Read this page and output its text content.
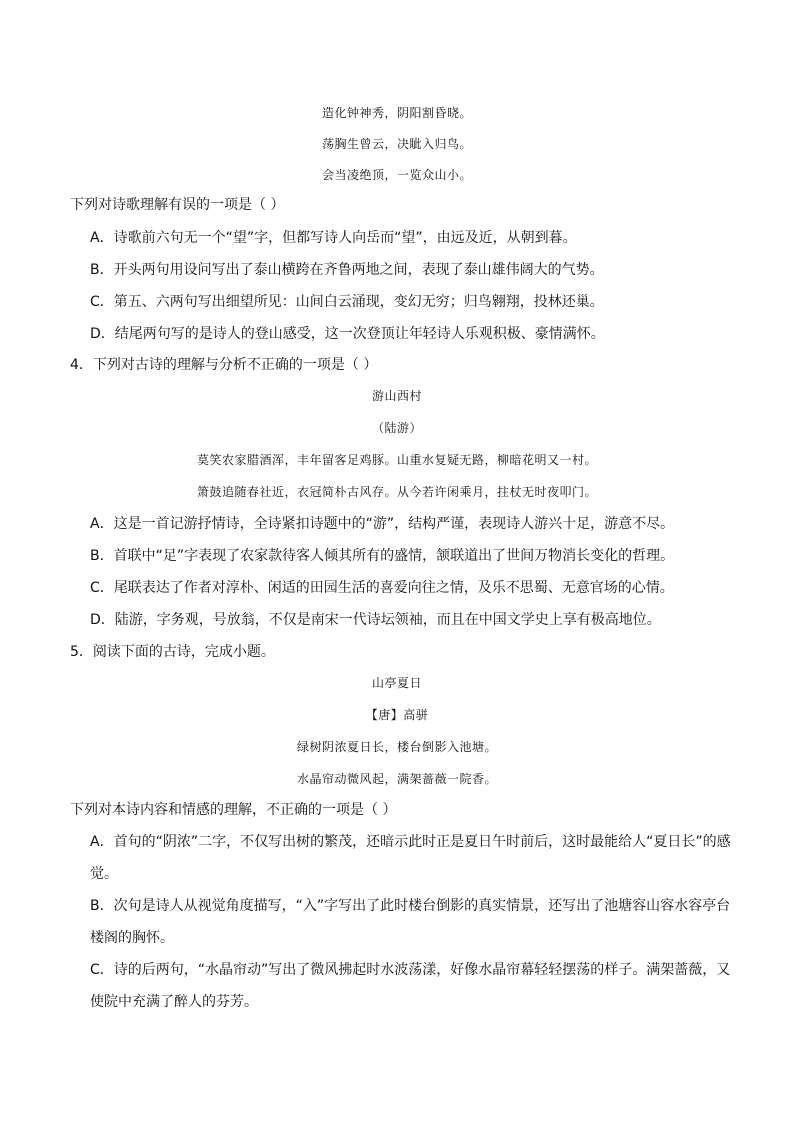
造化钟神秀，阴阳割昏晓。
荡胸生曾云，决眦入归鸟。
会当凌绝顶，一览众山小。
下列对诗歌理解有误的一项是（ ）
A．诗歌前六句无一个“望”字，但都写诗人向岳而“望”，由远及近，从朝到暮。
B．开头两句用设问写出了泰山横跨在齐鲁两地之间，表现了泰山雄伟阔大的气势。
C．第五、六两句写出细望所见：山间白云涌现，变幻无穷；归鸟翱翔，投林还巢。
D．结尾两句写的是诗人的登山感受，这一次登顶让年轻诗人乐观积极、豪情满怀。
4．下列对古诗的理解与分析不正确的一项是（ ）
游山西村
（陆游）
莫笑农家腊酒浑，丰年留客足鸡豚。山重水复疑无路，柳暗花明又一村。
箫鼓追随春社近，衣冠简朴古风存。从今若许闲乘月，拄杖无时夜叩门。
A．这是一首记游抒情诗，全诗紧扣诗题中的“游”，结构严谨，表现诗人游兴十足，游意不尽。
B．首联中“足”字表现了农家款待客人倾其所有的盛情，颔联道出了世间万物消长变化的哲理。
C．尾联表达了作者对淳朴、闲适的田园生活的喜爱向往之情，及乐不思蜀、无意官场的心情。
D．陆游，字务观，号放翁，不仅是南宋一代诗坛领袖，而且在中国文学史上享有极高地位。
5．阅读下面的古诗，完成小题。
山亭夏日
【唐】高骈
绿树阴浓夏日长，楼台倒影入池塘。
水晶帘动微风起，满架蔷薇一院香。
下列对本诗内容和情感的理解，不正确的一项是（ ）
A．首句的“阴浓”二字，不仅写出树的繁茂，还暗示此时正是夏日午时前后，这时最能给人“夏日长”的感
觉。
B．次句是诗人从视觉角度描写，“入”字写出了此时楼台倒影的真实情景，还写出了池塘容山容水容亭台
楼阁的胸怀。
C．诗的后两句，“水晶帘动”写出了微风拂起时水波荡漾，好像水晶帘幕轻轻摆荡的样子。满架蔷薇，又
使院中充满了醉人的芬芳。
